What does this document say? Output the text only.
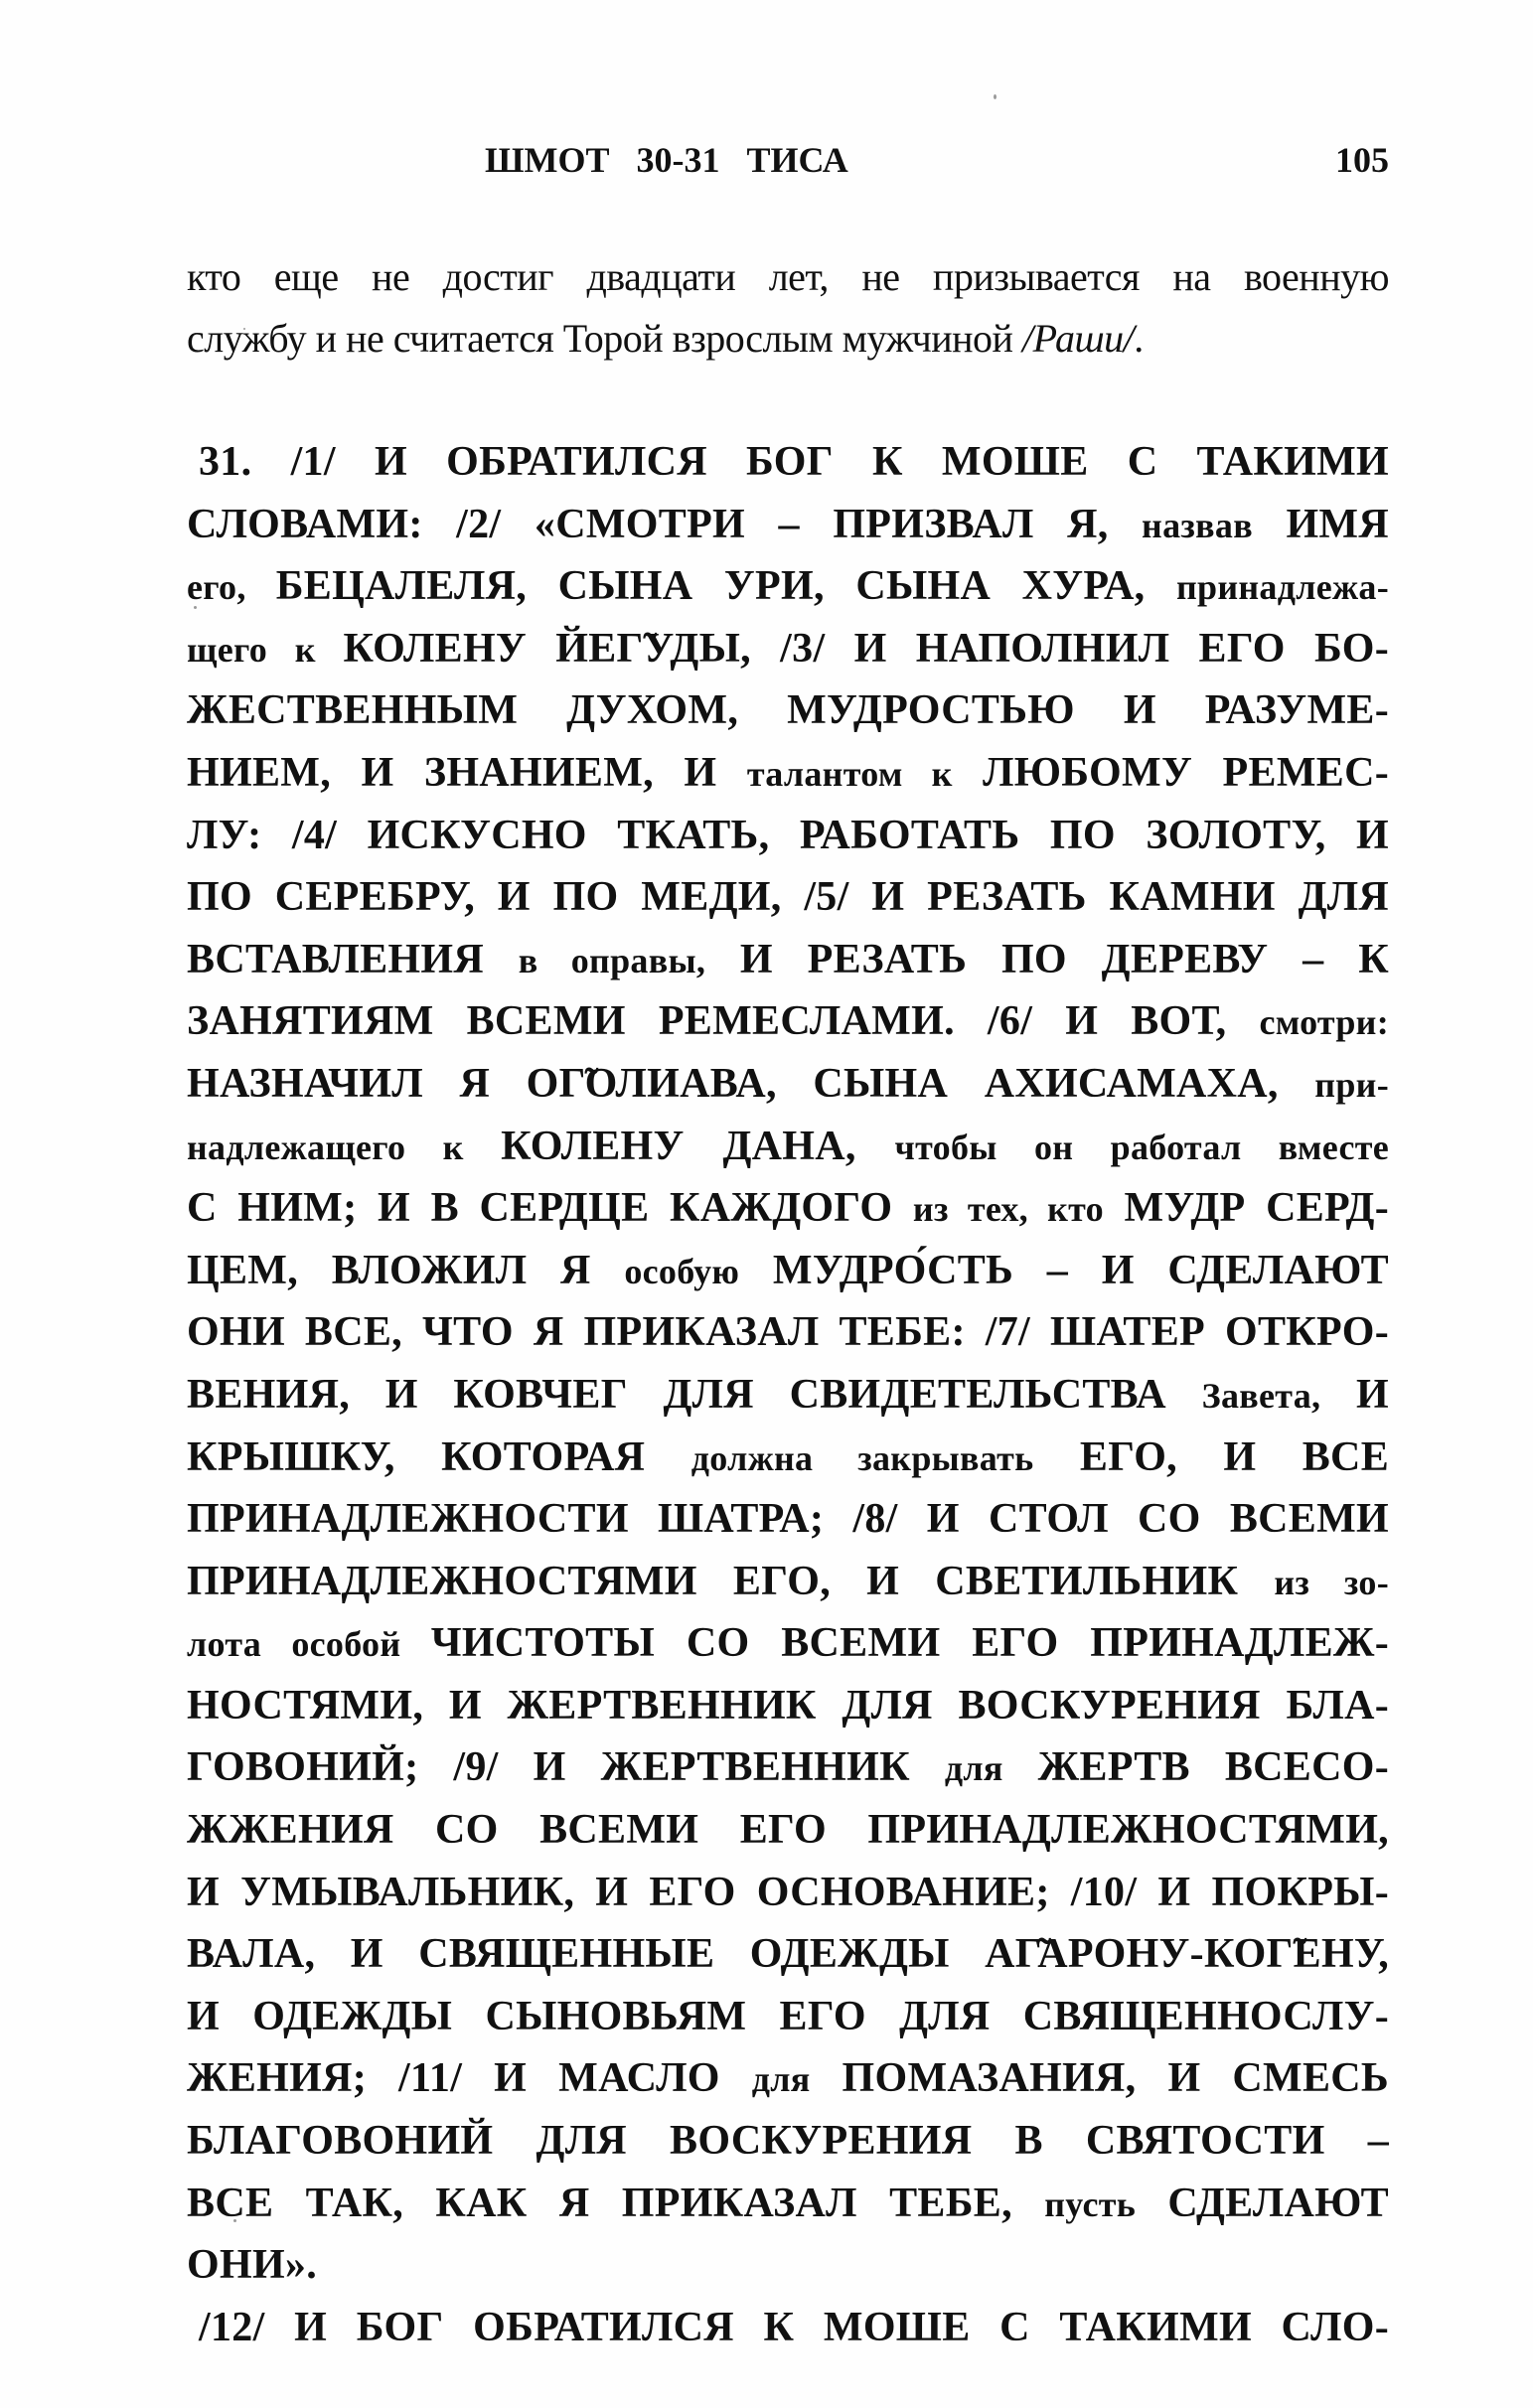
ШМОТ   30-31   ТИСА	105
кто еще не достиг двадцати лет, не призывается на военную
службу и не считается Торой взрослым мужчиной /Раши/.
31. /1/ И ОБРАТИЛСЯ БОГ К МОШЕ С ТАКИМИ
СЛОВАМИ: /2/ «СМОТРИ – ПРИЗВАЛ Я, назвав ИМЯ
его, БЕЦАЛЕЛЯ, СЫНА УРИ, СЫНА ХУРА, принадлежа-
щего к КОЛЕНУ ЙЕГ̃УДЫ, /3/ И НАПОЛНИЛ ЕГО БО-
ЖЕСТВЕННЫМ ДУХОМ, МУДРОСТЬЮ И РАЗУМЕ-
НИЕМ, И ЗНАНИЕМ, И талантом к ЛЮБОМУ РЕМЕС-
ЛУ: /4/ ИСКУСНО ТКАТЬ, РАБОТАТЬ ПО ЗОЛОТУ, И
ПО СЕРЕБРУ, И ПО МЕДИ, /5/ И РЕЗАТЬ КАМНИ ДЛЯ
ВСТАВЛЕНИЯ в оправы, И РЕЗАТЬ ПО ДЕРЕВУ – К
ЗАНЯТИЯМ ВСЕМИ РЕМЕСЛАМИ. /6/ И ВОТ, смотри:
НАЗНАЧИЛ Я ОГ̃ОЛИАВА, СЫНА АХИСАМАХА, при-
надлежащего к КОЛЕНУ ДАНА, чтобы он работал вместе
С НИМ; И В СЕРДЦЕ КАЖДОГО из тех, кто МУДР СЕРД-
ЦЕМ, ВЛОЖИЛ Я особую МУДРО́СТЬ – И СДЕЛАЮТ
ОНИ ВСЕ, ЧТО Я ПРИКАЗАЛ ТЕБЕ: /7/ ШАТЕР ОТКРО-
ВЕНИЯ, И КОВЧЕГ ДЛЯ СВИДЕТЕЛЬСТВА Завета, И
КРЫШКУ, КОТОРАЯ должна закрывать ЕГО, И ВСЕ
ПРИНАДЛЕЖНОСТИ ШАТРА; /8/ И СТОЛ СО ВСЕМИ
ПРИНАДЛЕЖНОСТЯМИ ЕГО, И СВЕТИЛЬНИК из зо-
лота особой ЧИСТОТЫ СО ВСЕМИ ЕГО ПРИНАДЛЕЖ-
НОСТЯМИ, И ЖЕРТВЕННИК ДЛЯ ВОСКУРЕНИЯ БЛА-
ГОВОНИЙ; /9/ И ЖЕРТВЕННИК для ЖЕРТВ ВСЕСО-
ЖЖЕНИЯ СО ВСЕМИ ЕГО ПРИНАДЛЕЖНОСТЯМИ,
И УМЫВАЛЬНИК, И ЕГО ОСНОВАНИЕ; /10/ И ПОКРЫ-
ВАЛА, И СВЯЩЕННЫЕ ОДЕЖДЫ АГ̃АРОНУ-КОГ̃ЕНУ,
И ОДЕЖДЫ СЫНОВЬЯМ ЕГО ДЛЯ СВЯЩЕННОСЛУ-
ЖЕНИЯ; /11/ И МАСЛО для ПОМАЗАНИЯ, И СМЕСЬ
БЛАГОВОНИЙ ДЛЯ ВОСКУРЕНИЯ В СВЯТОСТИ –
ВСЕ ТАК, КАК Я ПРИКАЗАЛ ТЕБЕ, пусть СДЕЛАЮТ
ОНИ».
/12/ И БОГ ОБРАТИЛСЯ К МОШЕ С ТАКИМИ СЛО-
